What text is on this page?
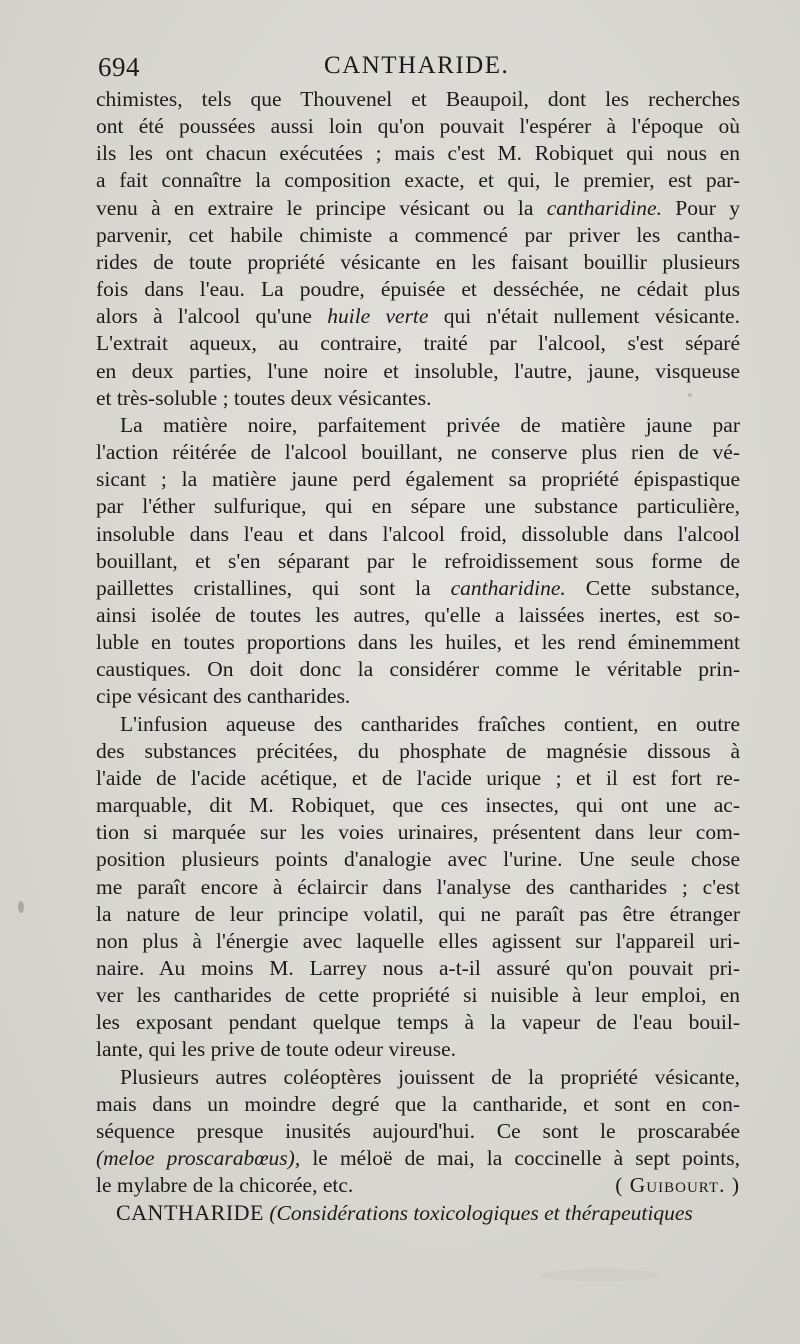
694	CANTHARIDE.
chimistes, tels que Thouvenel et Beaupoil, dont les recherches
ont été poussées aussi loin qu'on pouvait l'espérer à l'époque où
ils les ont chacun exécutées ; mais c'est M. Robiquet qui nous en
a fait connaître la composition exacte, et qui, le premier, est par-
venu à en extraire le principe vésicant ou la cantharidine. Pour y
parvenir, cet habile chimiste a commencé par priver les cantha-
rides de toute propriété vésicante en les faisant bouillir plusieurs
fois dans l'eau. La poudre, épuisée et desséchée, ne cédait plus
alors à l'alcool qu'une huile verte qui n'était nullement vésicante.
L'extrait aqueux, au contraire, traité par l'alcool, s'est séparé
en deux parties, l'une noire et insoluble, l'autre, jaune, visqueuse
et très-soluble ; toutes deux vésicantes.
La matière noire, parfaitement privée de matière jaune par
l'action réitérée de l'alcool bouillant, ne conserve plus rien de vé-
sicant ; la matière jaune perd également sa propriété épispastique
par l'éther sulfurique, qui en sépare une substance particulière,
insoluble dans l'eau et dans l'alcool froid, dissoluble dans l'alcool
bouillant, et s'en séparant par le refroidissement sous forme de
paillettes cristallines, qui sont la cantharidine. Cette substance,
ainsi isolée de toutes les autres, qu'elle a laissées inertes, est so-
luble en toutes proportions dans les huiles, et les rend éminemment
caustiques. On doit donc la considérer comme le véritable prin-
cipe vésicant des cantharides.
L'infusion aqueuse des cantharides fraîches contient, en outre
des substances précitées, du phosphate de magnésie dissous à
l'aide de l'acide acétique, et de l'acide urique ; et il est fort re-
marquable, dit M. Robiquet, que ces insectes, qui ont une ac-
tion si marquée sur les voies urinaires, présentent dans leur com-
position plusieurs points d'analogie avec l'urine. Une seule chose
me paraît encore à éclaircir dans l'analyse des cantharides ; c'est
la nature de leur principe volatil, qui ne paraît pas être étranger
non plus à l'énergie avec laquelle elles agissent sur l'appareil uri-
naire. Au moins M. Larrey nous a-t-il assuré qu'on pouvait pri-
ver les cantharides de cette propriété si nuisible à leur emploi, en
les exposant pendant quelque temps à la vapeur de l'eau bouil-
lante, qui les prive de toute odeur vireuse.
Plusieurs autres coléoptères jouissent de la propriété vésicante,
mais dans un moindre degré que la cantharide, et sont en con-
séquence presque inusités aujourd'hui. Ce sont le proscarabée
(meloe proscarabœus), le méloë de mai, la coccinelle à sept points,
le mylabre de la chicorée, etc.	( Guibourt. )
CANTHARIDE (Considérations toxicologiques et thérapeutiques
